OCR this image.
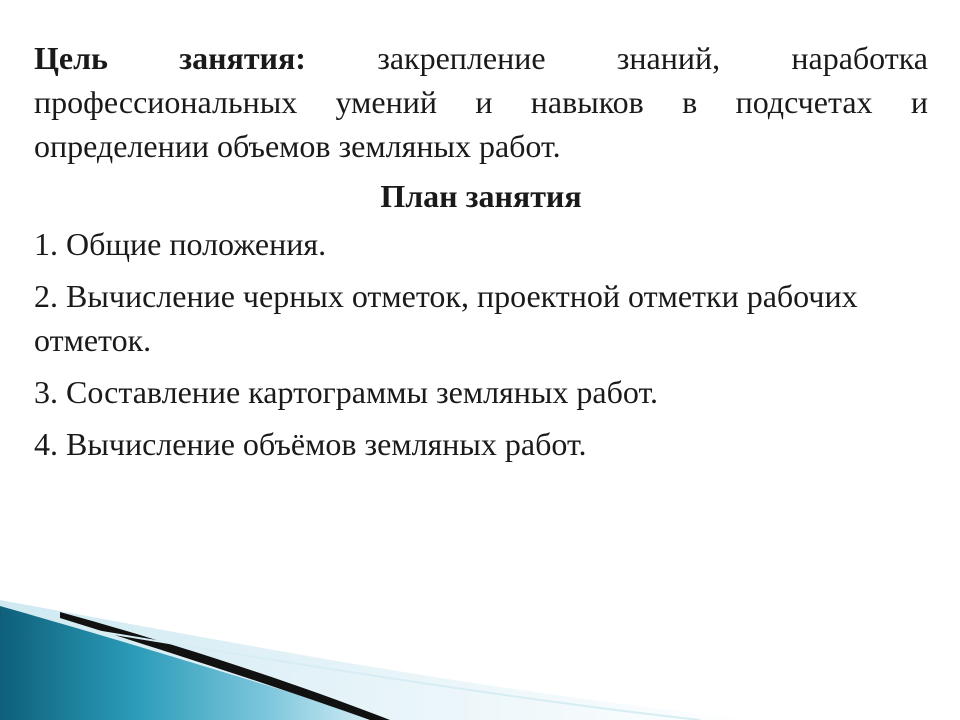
Цель занятия: закрепление знаний, наработка профессиональных умений и навыков в подсчетах и определении объемов земляных работ.

План занятия

1. Общие положения.

2. Вычисление черных отметок, проектной отметки рабочих отметок.

3. Составление картограммы земляных работ.

4. Вычисление объёмов земляных работ.
